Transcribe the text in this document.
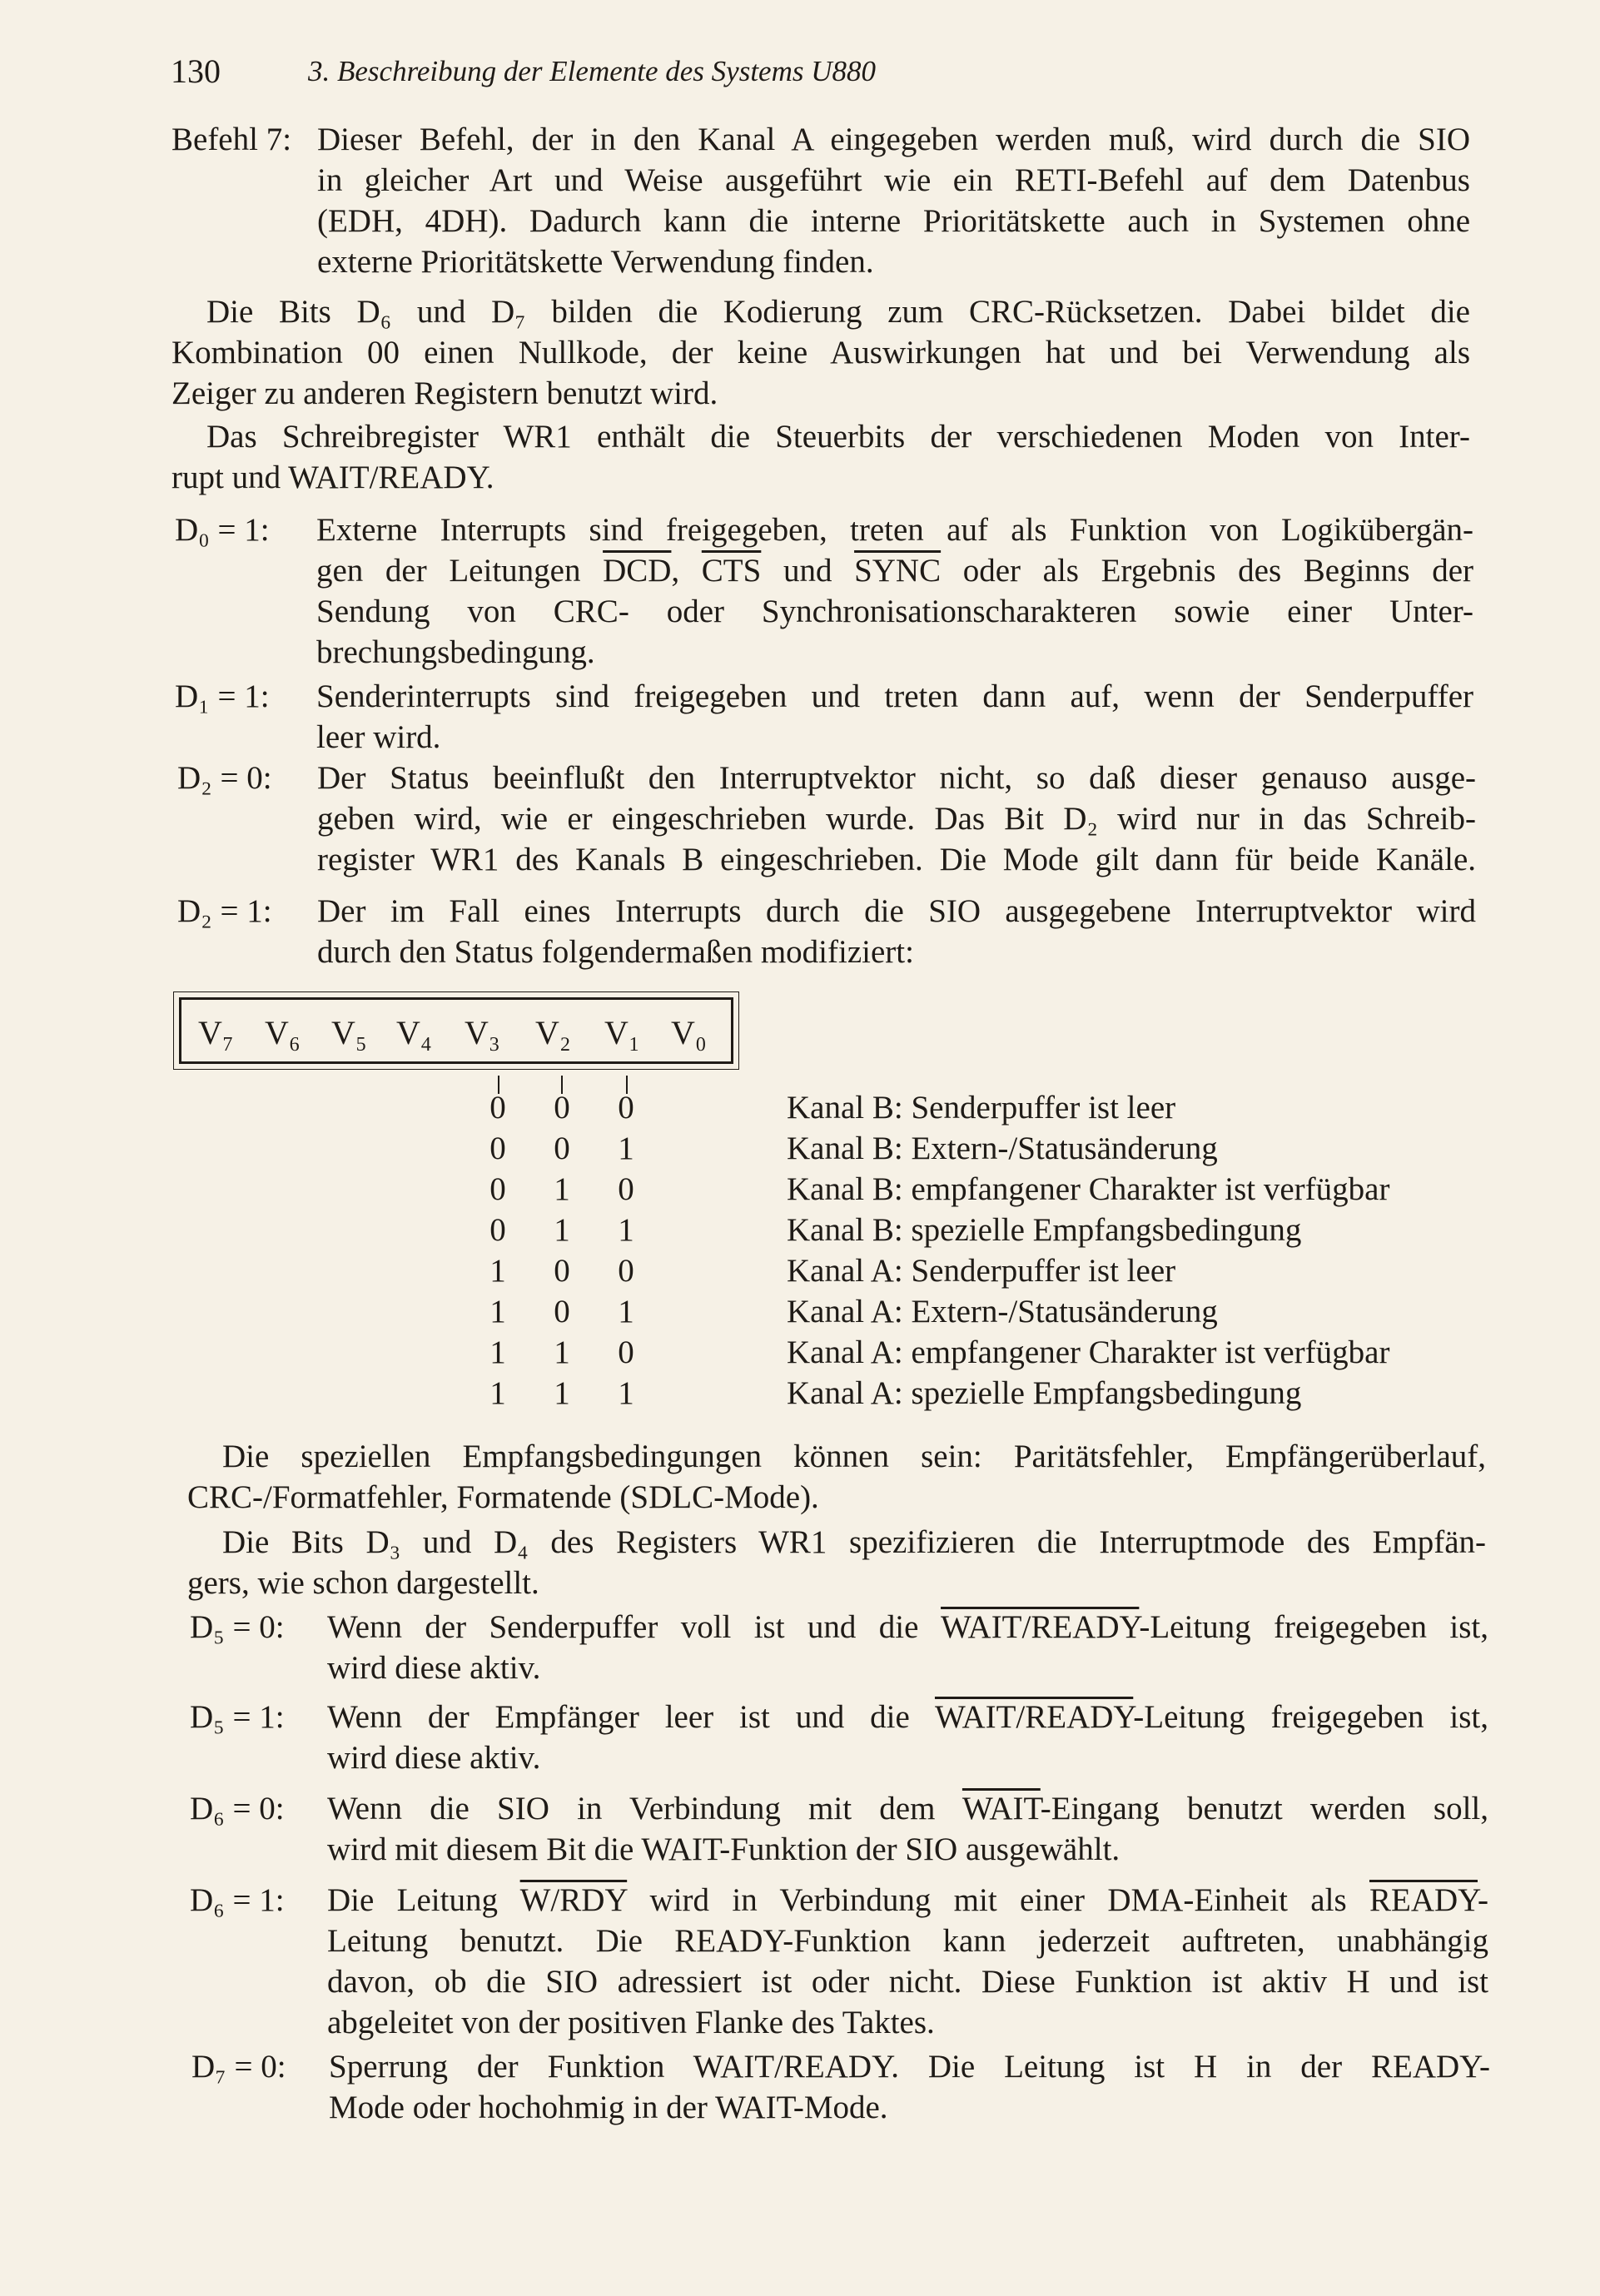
130	3. Beschreibung der Elemente des Systems U880
Befehl 7: Dieser Befehl, der in den Kanal A eingegeben werden muß, wird durch die SIO
in gleicher Art und Weise ausgeführt wie ein RETI-Befehl auf dem Datenbus
(EDH, 4DH). Dadurch kann die interne Prioritätskette auch in Systemen ohne
externe Prioritätskette Verwendung finden.
Die Bits D₆ und D₇ bilden die Kodierung zum CRC-Rücksetzen. Dabei bildet die
Kombination 00 einen Nullkode, der keine Auswirkungen hat und bei Verwendung als
Zeiger zu anderen Registern benutzt wird.
Das Schreibregister WR1 enthält die Steuerbits der verschiedenen Moden von Inter-
rupt und WAIT/READY.
D₀ = 1: Externe Interrupts sind freigegeben, treten auf als Funktion von Logikübergän-
gen der Leitungen $\overline{DCD}$, $\overline{CTS}$ und SYNC oder als Ergebnis des Beginns der
Sendung von CRC- oder Synchronisationscharakteren sowie einer Unter-
brechungsbedingung.
D₁ = 1: Senderinterrupts sind freigegeben und treten dann auf, wenn der Senderpuffer
leer wird.
D₂ = 0: Der Status beeinflußt den Interruptvektor nicht, so daß dieser genauso ausge-
geben wird, wie er eingeschrieben wurde. Das Bit D₂ wird nur in das Schreib-
register WR1 des Kanals B eingeschrieben. Die Mode gilt dann für beide Kanäle.
D₂ = 1: Der im Fall eines Interrupts durch die SIO ausgegebene Interruptvektor wird
durch den Status folgendermaßen modifiziert:
V₇ V₆ V₅ V₄ V₃ V₂ V₁ V₀
0 0 0	Kanal B: Senderpuffer ist leer
0 0 1	Kanal B: Extern-/Statusänderung
0 1 0	Kanal B: empfangener Charakter ist verfügbar
0 1 1	Kanal B: spezielle Empfangsbedingung
1 0 0	Kanal A: Senderpuffer ist leer
1 0 1	Kanal A: Extern-/Statusänderung
1 1 0	Kanal A: empfangener Charakter ist verfügbar
1 1 1	Kanal A: spezielle Empfangsbedingung
Die speziellen Empfangsbedingungen können sein: Paritätsfehler, Empfängerüberlauf,
CRC-/Formatfehler, Formatende (SDLC-Mode).
Die Bits D₃ und D₄ des Registers WR1 spezifizieren die Interruptmode des Empfän-
gers, wie schon dargestellt.
D₅ = 0: Wenn der Senderpuffer voll ist und die WAIT/READY-Leitung freigegeben ist,
wird diese aktiv.
D₅ = 1: Wenn der Empfänger leer ist und die WAIT/READY-Leitung freigegeben ist,
wird diese aktiv.
D₆ = 0: Wenn die SIO in Verbindung mit dem WAIT-Eingang benutzt werden soll,
wird mit diesem Bit die WAIT-Funktion der SIO ausgewählt.
D₆ = 1: Die Leitung W/RDY wird in Verbindung mit einer DMA-Einheit als READY-
Leitung benutzt. Die READY-Funktion kann jederzeit auftreten, unabhängig
davon, ob die SIO adressiert ist oder nicht. Diese Funktion ist aktiv H und ist
abgeleitet von der positiven Flanke des Taktes.
D₇ = 0: Sperrung der Funktion WAIT/READY. Die Leitung ist H in der READY-
Mode oder hochohmig in der WAIT-Mode.
